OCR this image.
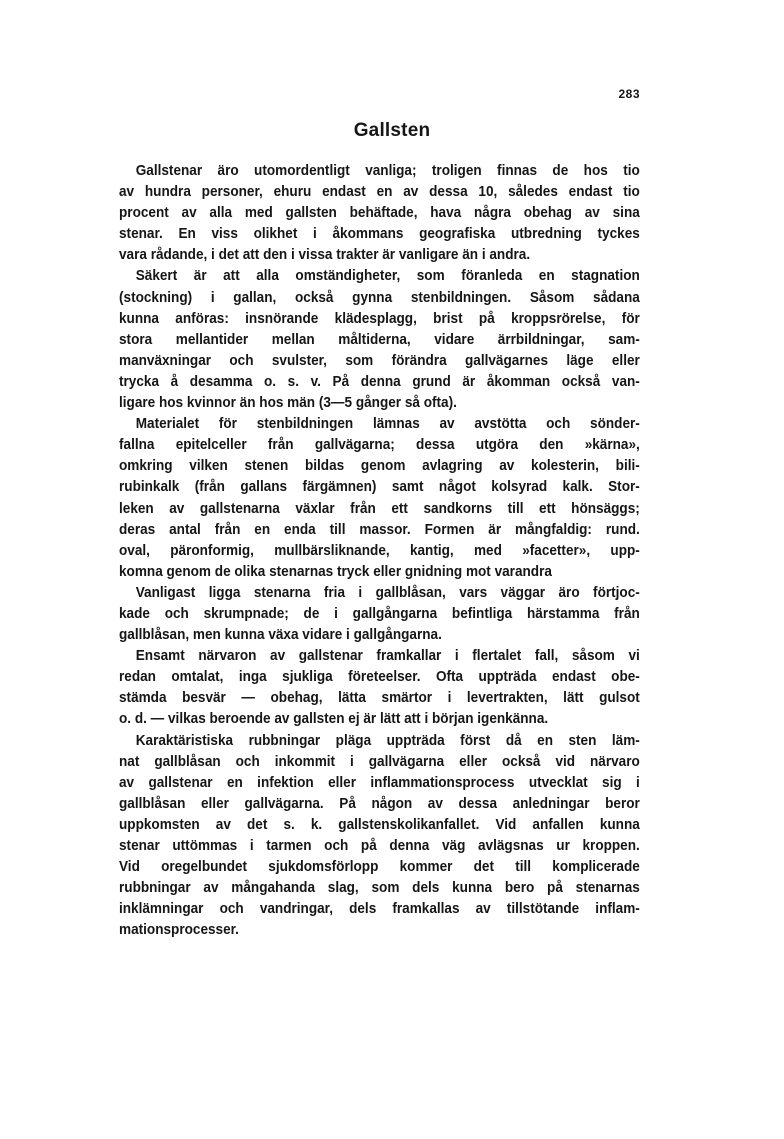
283
Gallsten
Gallstenar äro utomordentligt vanliga; troligen finnas de hos tio
av hundra personer, ehuru endast en av dessa 10, således endast tio
procent av alla med gallsten behäftade, hava några obehag av sina
stenar. En viss olikhet i åkommans geografiska utbredning tyckes
vara rådande, i det att den i vissa trakter är vanligare än i andra.
Säkert är att alla omständigheter, som föranleda en stagnation
(stockning) i gallan, också gynna stenbildningen. Såsom sådana
kunna anföras: insnörande klädesplagg, brist på kroppsrörelse, för
stora mellantider mellan måltiderna, vidare ärrbildningar, sam-
manväxningar och svulster, som förändra gallvägarnes läge eller
trycka å desamma o. s. v. På denna grund är åkomman också van-
ligare hos kvinnor än hos män (3—5 gånger så ofta).
Materialet för stenbildningen lämnas av avstötta och sönder-
fallna epitelceller från gallvägarna; dessa utgöra den »kärna»,
omkring vilken stenen bildas genom avlagring av kolesterin, bili-
rubinkalk (från gallans färgämnen) samt något kolsyrad kalk. Stor-
leken av gallstenarna växlar från ett sandkorns till ett hönsäggs;
deras antal från en enda till massor. Formen är mångfaldig: rund.
oval, päronformig, mullbärsliknande, kantig, med »facetter», upp-
komna genom de olika stenarnas tryck eller gnidning mot varandra
Vanligast ligga stenarna fria i gallblåsan, vars väggar äro förtjoc-
kade och skrumpnade; de i gallgångarna befintliga härstamma från
gallblåsan, men kunna växa vidare i gallgångarna.
Ensamt närvaron av gallstenar framkallar i flertalet fall, såsom vi
redan omtalat, inga sjukliga företeelser. Ofta uppträda endast obe-
stämda besvär — obehag, lätta smärtor i levertrakten, lätt gulsot
o. d. — vilkas beroende av gallsten ej är lätt att i början igenkänna.
Karaktäristiska rubbningar pläga uppträda först då en sten läm-
nat gallblåsan och inkommit i gallvägarna eller också vid närvaro
av gallstenar en infektion eller inflammationsprocess utvecklat sig i
gallblåsan eller gallvägarna. På någon av dessa anledningar beror
uppkomsten av det s. k. gallstenskolikanfallet. Vid anfallen kunna
stenar uttömmas i tarmen och på denna väg avlägsnas ur kroppen.
Vid oregelbundet sjukdomsförlopp kommer det till komplicerade
rubbningar av mångahanda slag, som dels kunna bero på stenarnas
inklämningar och vandringar, dels framkallas av tillstötande inflam-
mationsprocesser.
